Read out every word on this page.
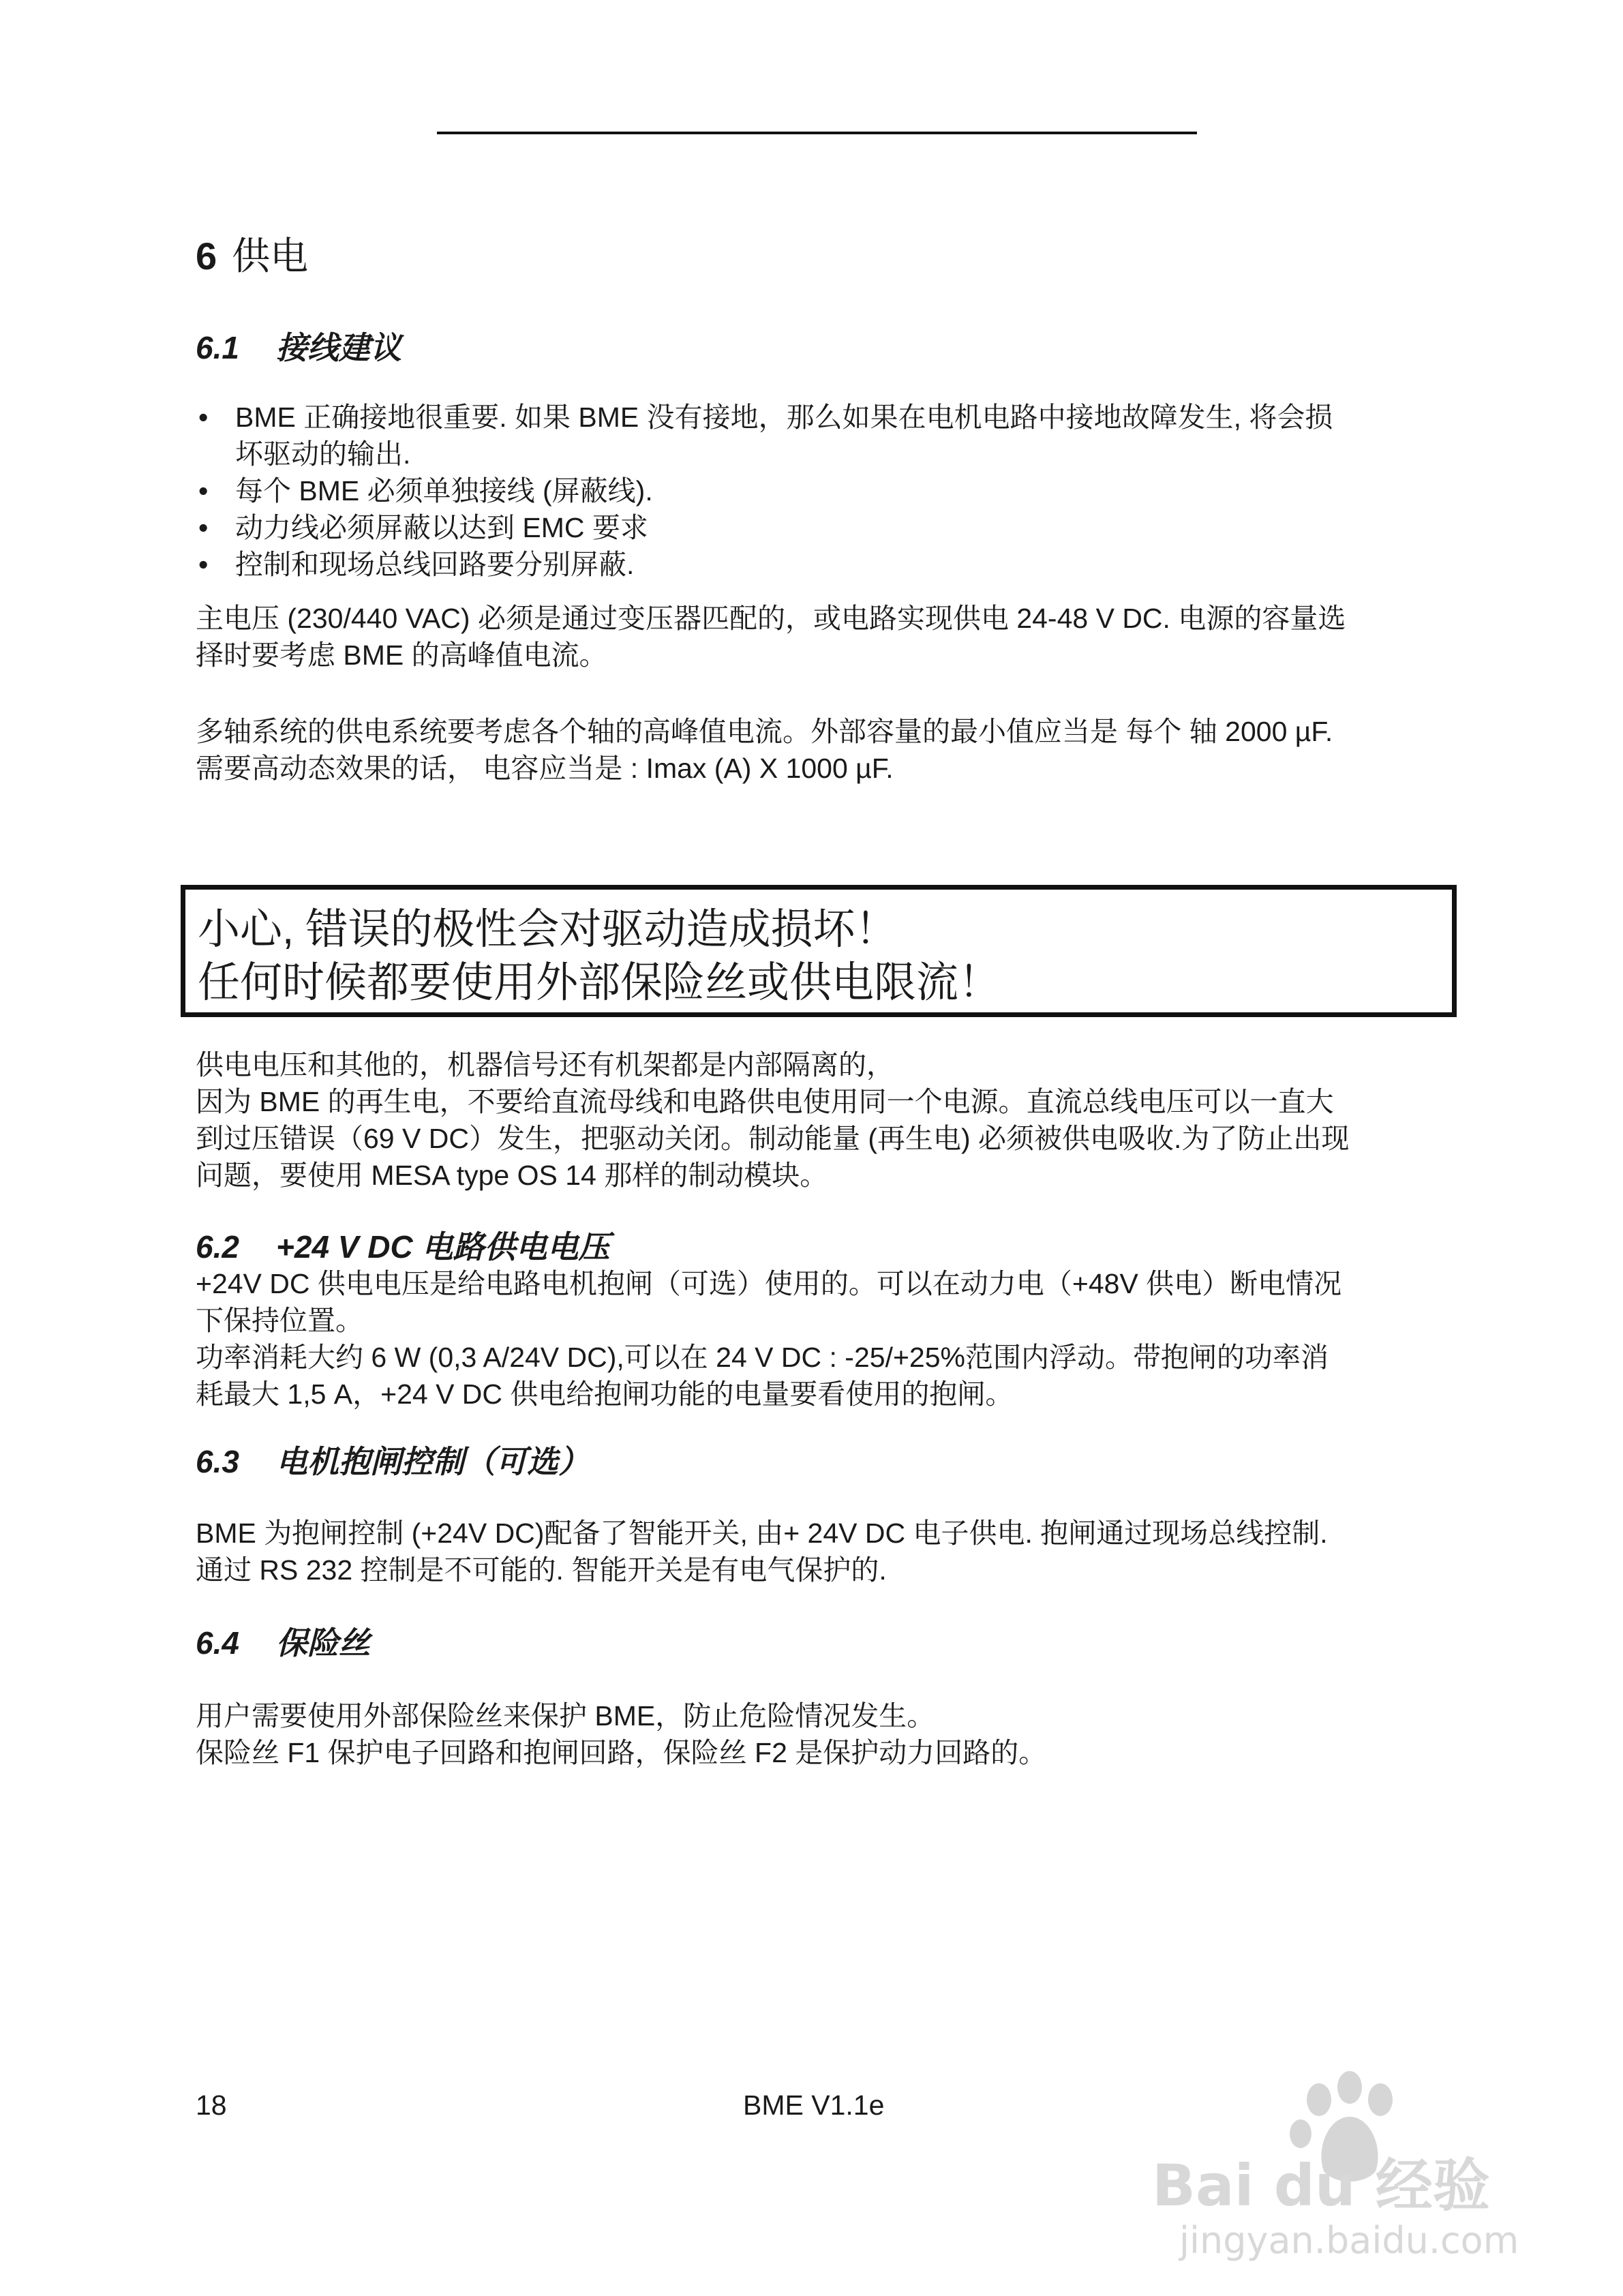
6 供电
6.1 接线建议
• BME 正确接地很重要. 如果 BME 没有接地，那么如果在电机电路中接地故障发生, 将会损
坏驱动的输出.
• 每个 BME 必须单独接线 (屏蔽线).
• 动力线必须屏蔽以达到 EMC 要求
• 控制和现场总线回路要分别屏蔽.

主电压 (230/440 VAC) 必须是通过变压器匹配的，或电路实现供电 24-48 V DC. 电源的容量选
择时要考虑 BME 的高峰值电流。

多轴系统的供电系统要考虑各个轴的高峰值电流。外部容量的最小值应当是 每个 轴 2000 µF.
需要高动态效果的话， 电容应当是 : Imax (A) X 1000 µF.

小心, 错误的极性会对驱动造成损坏！
任何时候都要使用外部保险丝或供电限流！

供电电压和其他的，机器信号还有机架都是内部隔离的，
因为 BME 的再生电，不要给直流母线和电路供电使用同一个电源。直流总线电压可以一直大
到过压错误（69 V DC）发生，把驱动关闭。制动能量 (再生电) 必须被供电吸收.为了防止出现
问题，要使用 MESA type OS 14 那样的制动模块。

6.2 +24 V DC 电路供电电压

+24V DC 供电电压是给电路电机抱闸（可选）使用的。可以在动力电（+48V 供电）断电情况
下保持位置。
功率消耗大约 6 W (0,3 A/24V DC),可以在 24 V DC : -25/+25%范围内浮动。带抱闸的功率消
耗最大 1,5 A，+24 V DC 供电给抱闸功能的电量要看使用的抱闸。

6.3 电机抱闸控制（可选）

BME 为抱闸控制 (+24V DC)配备了智能开关, 由+ 24V DC 电子供电. 抱闸通过现场总线控制.
通过 RS 232 控制是不可能的. 智能开关是有电气保护的.

6.4 保险丝

用户需要使用外部保险丝来保护 BME，防止危险情况发生。
保险丝 F1 保护电子回路和抱闸回路，保险丝 F2 是保护动力回路的。

18	BME V1.1e

Bai du 经验
jingyan.baidu.com
